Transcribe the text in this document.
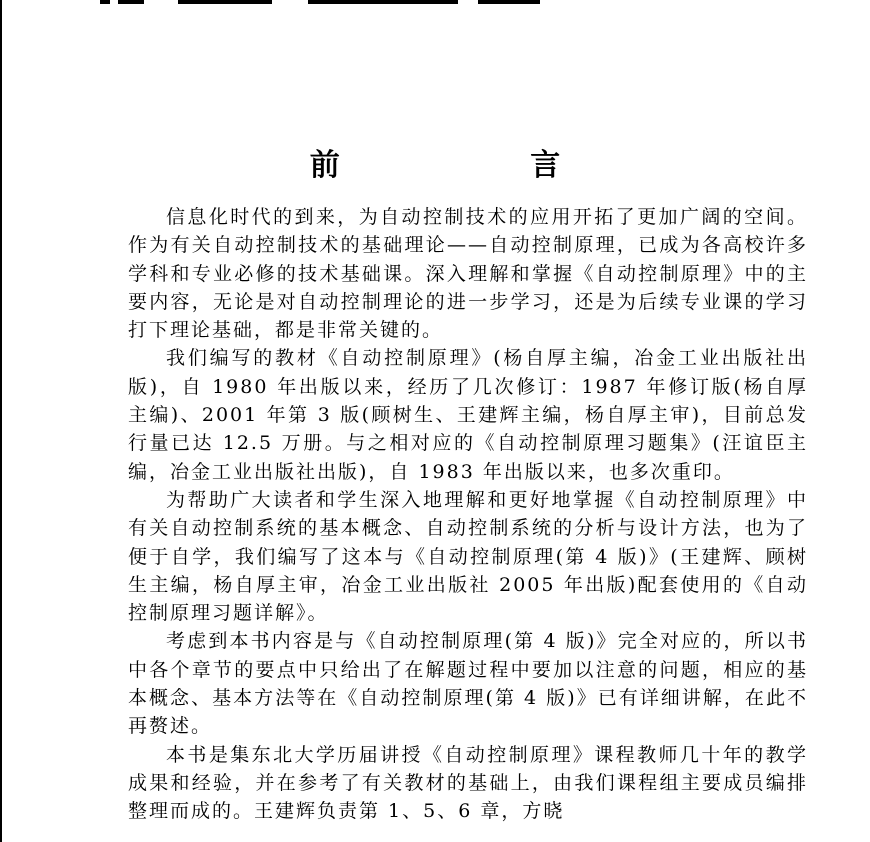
前 言

信息化时代的到来，为自动控制技术的应用开拓了更加广阔的空间。作为有关自动控制技术的基础理论——自动控制原理，已成为各高校许多学科和专业必修的技术基础课。深入理解和掌握《自动控制原理》中的主要内容，无论是对自动控制理论的进一步学习，还是为后续专业课的学习打下理论基础，都是非常关键的。

我们编写的教材《自动控制原理》(杨自厚主编，冶金工业出版社出版)，自 1980 年出版以来，经历了几次修订：1987 年修订版(杨自厚主编)、2001 年第 3 版(顾树生、王建辉主编，杨自厚主审)，目前总发行量已达 12.5 万册。与之相对应的《自动控制原理习题集》(汪谊臣主编，冶金工业出版社出版)，自 1983 年出版以来，也多次重印。

为帮助广大读者和学生深入地理解和更好地掌握《自动控制原理》中有关自动控制系统的基本概念、自动控制系统的分析与设计方法，也为了便于自学，我们编写了这本与《自动控制原理(第 4 版)》(王建辉、顾树生主编，杨自厚主审，冶金工业出版社 2005 年出版)配套使用的《自动控制原理习题详解》。

考虑到本书内容是与《自动控制原理(第 4 版)》完全对应的，所以书中各个章节的要点中只给出了在解题过程中要加以注意的问题，相应的基本概念、基本方法等在《自动控制原理(第 4 版)》已有详细讲解，在此不再赘述。

本书是集东北大学历届讲授《自动控制原理》课程教师几十年的教学成果和经验，并在参考了有关教材的基础上，由我们课程组主要成员编排整理而成的。王建辉负责第 1、5、6 章，方晓
